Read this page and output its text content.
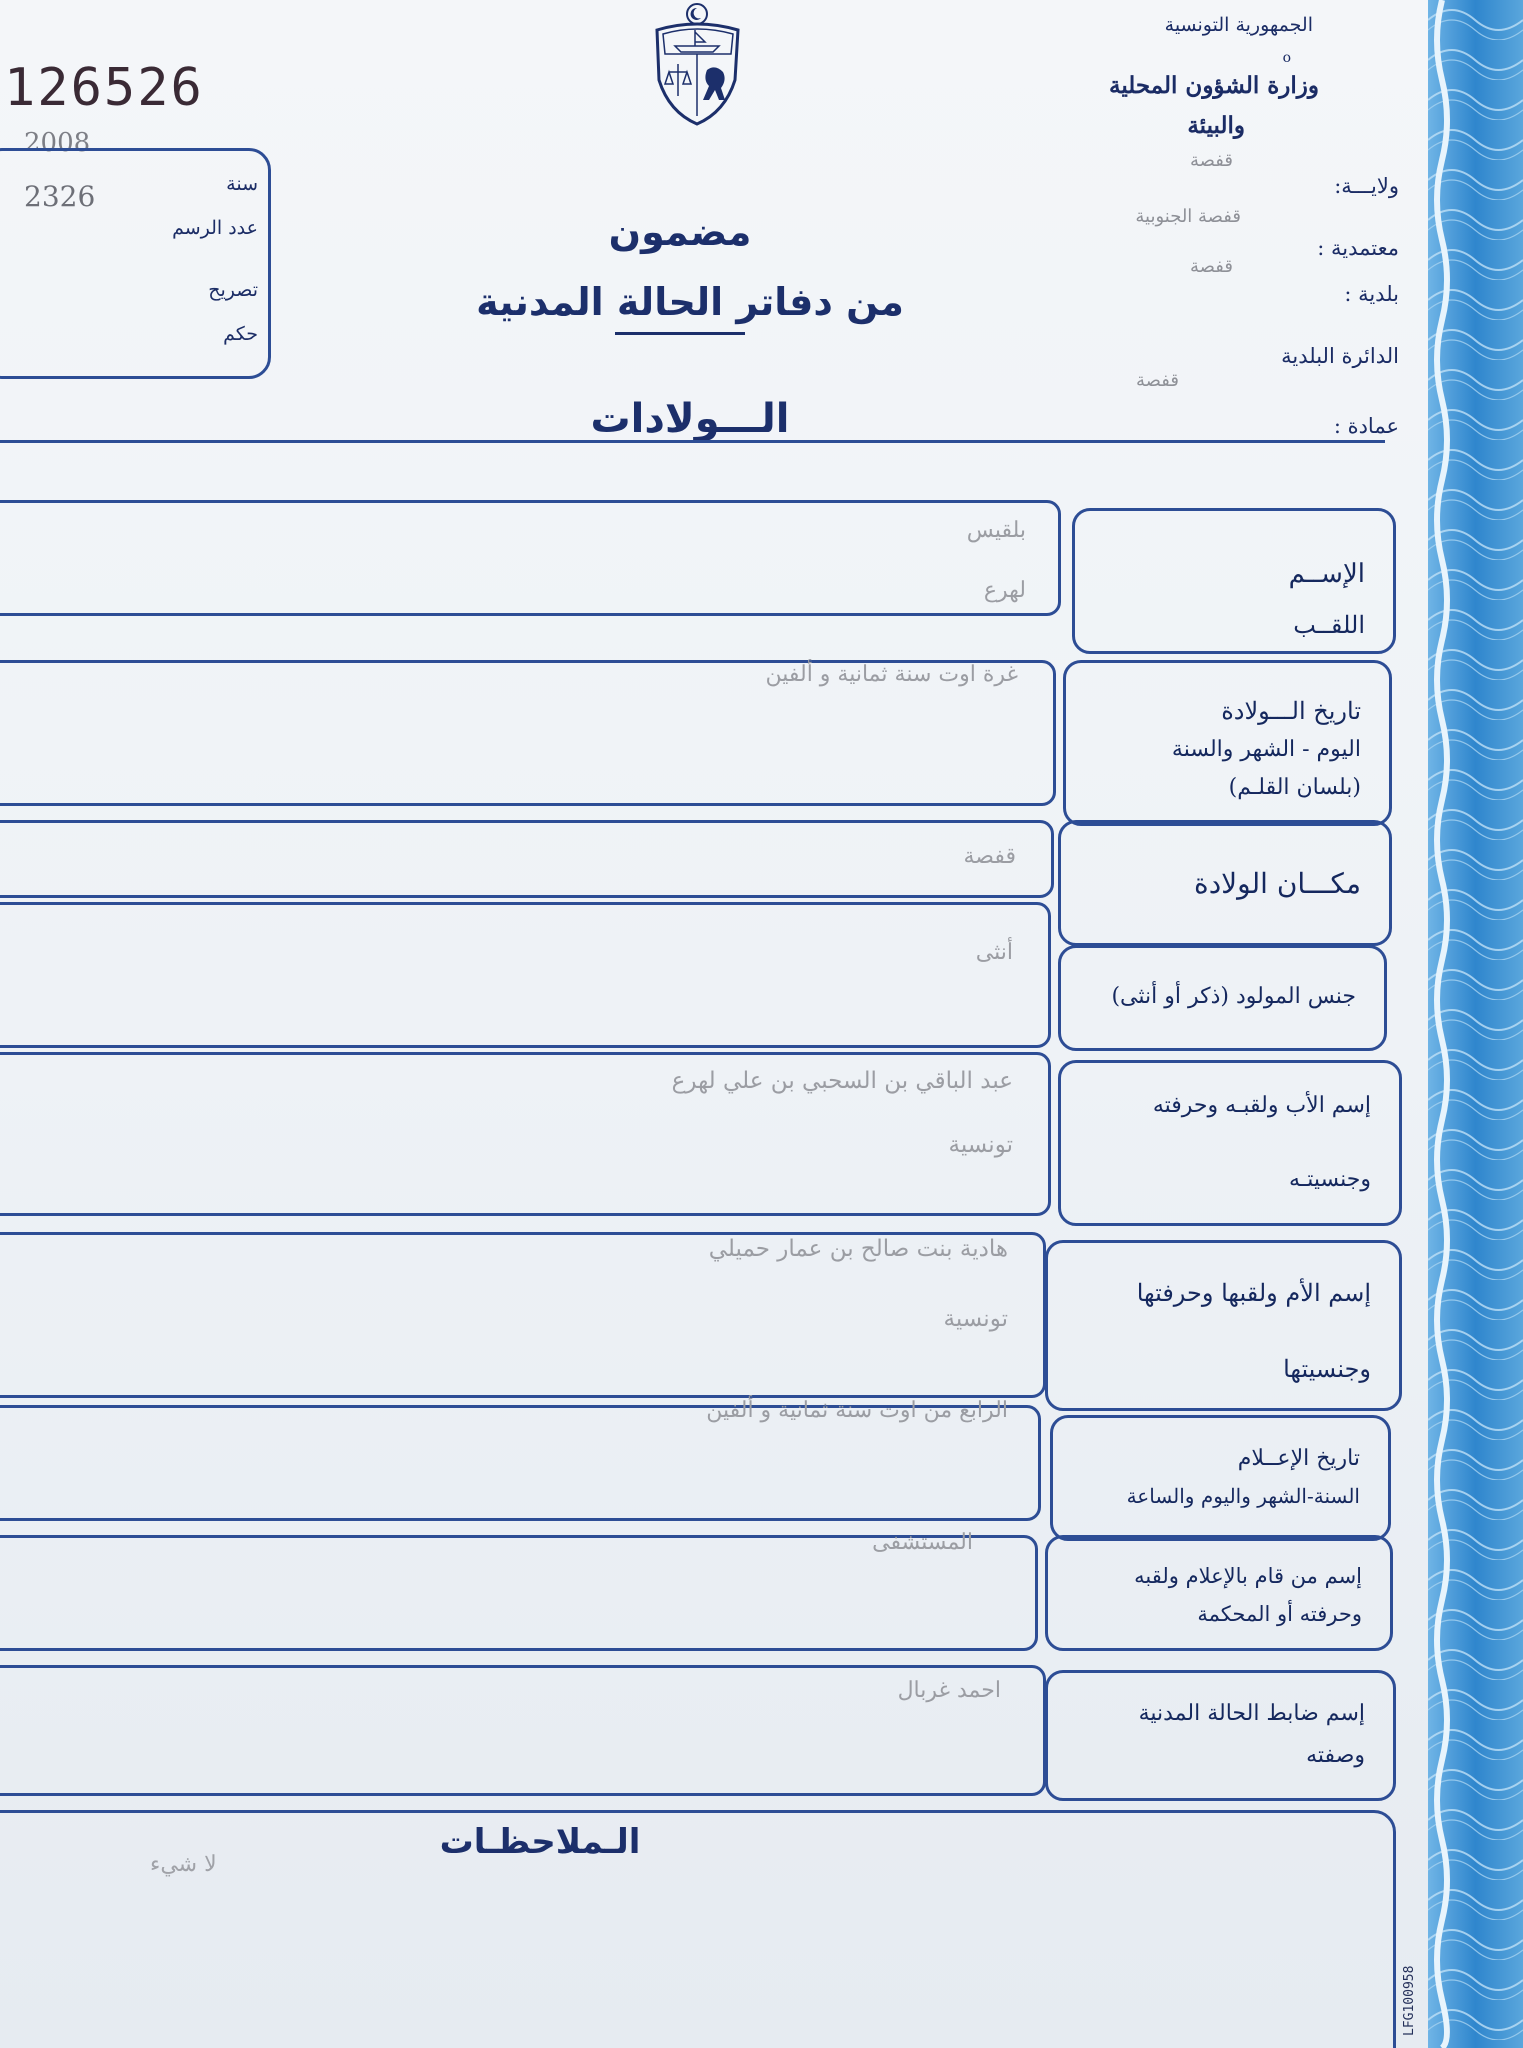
126526
2008
2326	سنة
عدد الرسم
تصريح
حكم
الجمهورية التونسية
o
وزارة الشؤون المحلية
والبيئة
ولايـــة:
قفصة
معتمدية :
قفصة الجنوبية
بلدية :
قفصة
الدائرة البلدية
قفصة
عمادة :
مضمون
من دفاتر الحالة المدنية
الـــولادات
الإســم
اللقــب
بلقيس
لهرع
تاريخ الـــولادة
اليوم - الشهر والسنة
(بلسان القلـم)
غرة اوت سنة ثمانية و ألفين
مكـــان الولادة
قفصة
جنس المولود (ذكر أو أنثى)
أنثى
إسم الأب ولقبـه وحرفته
وجنسيتـه
عبد الباقي بن السحبي بن علي لهرع
تونسية
إسم الأم ولقبها وحرفتها
وجنسيتها
هادية بنت صالح بن عمار حميلي
تونسية
تاريخ الإعــلام
السنة-الشهر واليوم والساعة
الرابع من اوت سنة ثمانية و ألفين
إسم من قام بالإعلام ولقبه
وحرفته أو المحكمة
المستشفى
إسم ضابط الحالة المدنية
وصفته
احمد غربال
الـملاحظـات
لا شيء
LFG100958
